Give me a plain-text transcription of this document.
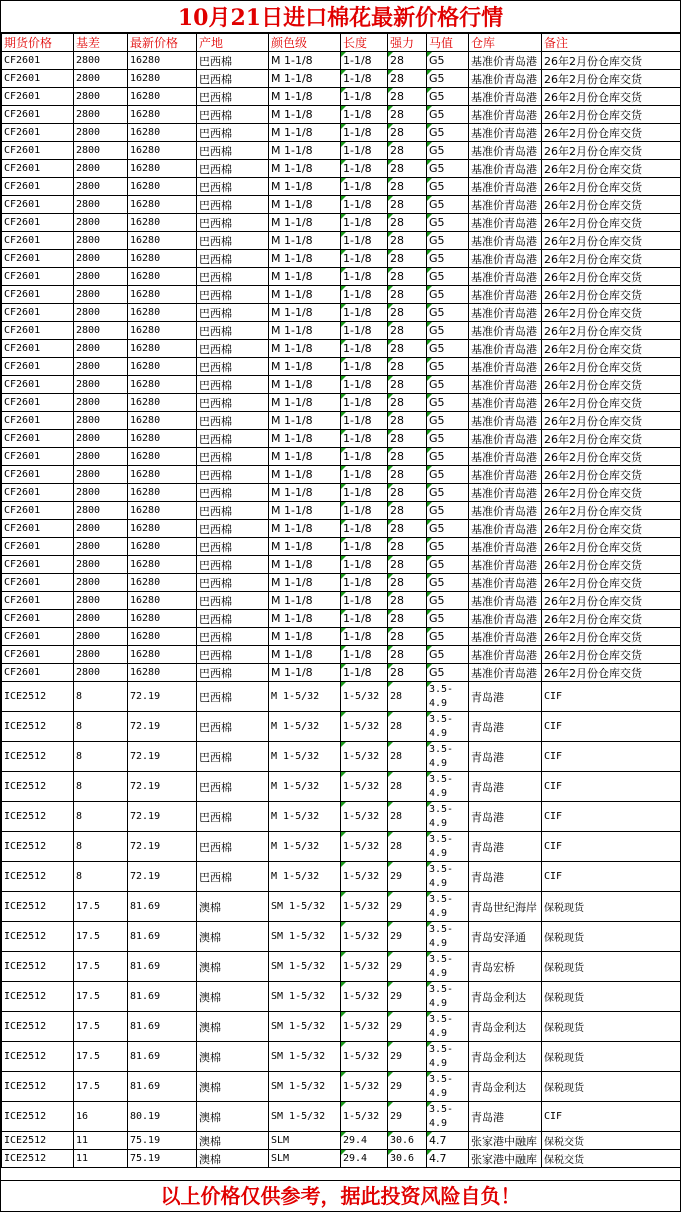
10月21日进口棉花最新价格行情
期货价格	基差	最新价格	产地	颜色级	长度	强力	马值	仓库	备注
CF2601	2800	16280	巴西棉	M 1-1/8	1-1/8	28	G5	基准价青岛港	26年2月份仓库交货
CF2601	2800	16280	巴西棉	M 1-1/8	1-1/8	28	G5	基准价青岛港	26年2月份仓库交货
CF2601	2800	16280	巴西棉	M 1-1/8	1-1/8	28	G5	基准价青岛港	26年2月份仓库交货
CF2601	2800	16280	巴西棉	M 1-1/8	1-1/8	28	G5	基准价青岛港	26年2月份仓库交货
CF2601	2800	16280	巴西棉	M 1-1/8	1-1/8	28	G5	基准价青岛港	26年2月份仓库交货
CF2601	2800	16280	巴西棉	M 1-1/8	1-1/8	28	G5	基准价青岛港	26年2月份仓库交货
CF2601	2800	16280	巴西棉	M 1-1/8	1-1/8	28	G5	基准价青岛港	26年2月份仓库交货
CF2601	2800	16280	巴西棉	M 1-1/8	1-1/8	28	G5	基准价青岛港	26年2月份仓库交货
CF2601	2800	16280	巴西棉	M 1-1/8	1-1/8	28	G5	基准价青岛港	26年2月份仓库交货
CF2601	2800	16280	巴西棉	M 1-1/8	1-1/8	28	G5	基准价青岛港	26年2月份仓库交货
CF2601	2800	16280	巴西棉	M 1-1/8	1-1/8	28	G5	基准价青岛港	26年2月份仓库交货
CF2601	2800	16280	巴西棉	M 1-1/8	1-1/8	28	G5	基准价青岛港	26年2月份仓库交货
CF2601	2800	16280	巴西棉	M 1-1/8	1-1/8	28	G5	基准价青岛港	26年2月份仓库交货
CF2601	2800	16280	巴西棉	M 1-1/8	1-1/8	28	G5	基准价青岛港	26年2月份仓库交货
CF2601	2800	16280	巴西棉	M 1-1/8	1-1/8	28	G5	基准价青岛港	26年2月份仓库交货
CF2601	2800	16280	巴西棉	M 1-1/8	1-1/8	28	G5	基准价青岛港	26年2月份仓库交货
CF2601	2800	16280	巴西棉	M 1-1/8	1-1/8	28	G5	基准价青岛港	26年2月份仓库交货
CF2601	2800	16280	巴西棉	M 1-1/8	1-1/8	28	G5	基准价青岛港	26年2月份仓库交货
CF2601	2800	16280	巴西棉	M 1-1/8	1-1/8	28	G5	基准价青岛港	26年2月份仓库交货
CF2601	2800	16280	巴西棉	M 1-1/8	1-1/8	28	G5	基准价青岛港	26年2月份仓库交货
CF2601	2800	16280	巴西棉	M 1-1/8	1-1/8	28	G5	基准价青岛港	26年2月份仓库交货
CF2601	2800	16280	巴西棉	M 1-1/8	1-1/8	28	G5	基准价青岛港	26年2月份仓库交货
CF2601	2800	16280	巴西棉	M 1-1/8	1-1/8	28	G5	基准价青岛港	26年2月份仓库交货
CF2601	2800	16280	巴西棉	M 1-1/8	1-1/8	28	G5	基准价青岛港	26年2月份仓库交货
CF2601	2800	16280	巴西棉	M 1-1/8	1-1/8	28	G5	基准价青岛港	26年2月份仓库交货
CF2601	2800	16280	巴西棉	M 1-1/8	1-1/8	28	G5	基准价青岛港	26年2月份仓库交货
CF2601	2800	16280	巴西棉	M 1-1/8	1-1/8	28	G5	基准价青岛港	26年2月份仓库交货
CF2601	2800	16280	巴西棉	M 1-1/8	1-1/8	28	G5	基准价青岛港	26年2月份仓库交货
CF2601	2800	16280	巴西棉	M 1-1/8	1-1/8	28	G5	基准价青岛港	26年2月份仓库交货
CF2601	2800	16280	巴西棉	M 1-1/8	1-1/8	28	G5	基准价青岛港	26年2月份仓库交货
CF2601	2800	16280	巴西棉	M 1-1/8	1-1/8	28	G5	基准价青岛港	26年2月份仓库交货
CF2601	2800	16280	巴西棉	M 1-1/8	1-1/8	28	G5	基准价青岛港	26年2月份仓库交货
CF2601	2800	16280	巴西棉	M 1-1/8	1-1/8	28	G5	基准价青岛港	26年2月份仓库交货
CF2601	2800	16280	巴西棉	M 1-1/8	1-1/8	28	G5	基准价青岛港	26年2月份仓库交货
CF2601	2800	16280	巴西棉	M 1-1/8	1-1/8	28	G5	基准价青岛港	26年2月份仓库交货
ICE2512	8	72.19	巴西棉	M 1-5/32	1-5/32	28	3.5-4.9	青岛港	CIF
ICE2512	8	72.19	巴西棉	M 1-5/32	1-5/32	28	3.5-4.9	青岛港	CIF
ICE2512	8	72.19	巴西棉	M 1-5/32	1-5/32	28	3.5-4.9	青岛港	CIF
ICE2512	8	72.19	巴西棉	M 1-5/32	1-5/32	28	3.5-4.9	青岛港	CIF
ICE2512	8	72.19	巴西棉	M 1-5/32	1-5/32	28	3.5-4.9	青岛港	CIF
ICE2512	8	72.19	巴西棉	M 1-5/32	1-5/32	28	3.5-4.9	青岛港	CIF
ICE2512	8	72.19	巴西棉	M 1-5/32	1-5/32	29	3.5-4.9	青岛港	CIF
ICE2512	17.5	81.69	澳棉	SM 1-5/32	1-5/32	29	3.5-4.9	青岛世纪海岸	保税现货
ICE2512	17.5	81.69	澳棉	SM 1-5/32	1-5/32	29	3.5-4.9	青岛安泽通	保税现货
ICE2512	17.5	81.69	澳棉	SM 1-5/32	1-5/32	29	3.5-4.9	青岛宏桥	保税现货
ICE2512	17.5	81.69	澳棉	SM 1-5/32	1-5/32	29	3.5-4.9	青岛金利达	保税现货
ICE2512	17.5	81.69	澳棉	SM 1-5/32	1-5/32	29	3.5-4.9	青岛金利达	保税现货
ICE2512	17.5	81.69	澳棉	SM 1-5/32	1-5/32	29	3.5-4.9	青岛金利达	保税现货
ICE2512	17.5	81.69	澳棉	SM 1-5/32	1-5/32	29	3.5-4.9	青岛金利达	保税现货
ICE2512	16	80.19	澳棉	SM 1-5/32	1-5/32	29	3.5-4.9	青岛港	CIF
ICE2512	11	75.19	澳棉	SLM	29.4	30.6	4.7	张家港中融库	保税交货
ICE2512	11	75.19	澳棉	SLM	29.4	30.6	4.7	张家港中融库	保税交货
以上价格仅供参考，据此投资风险自负！
